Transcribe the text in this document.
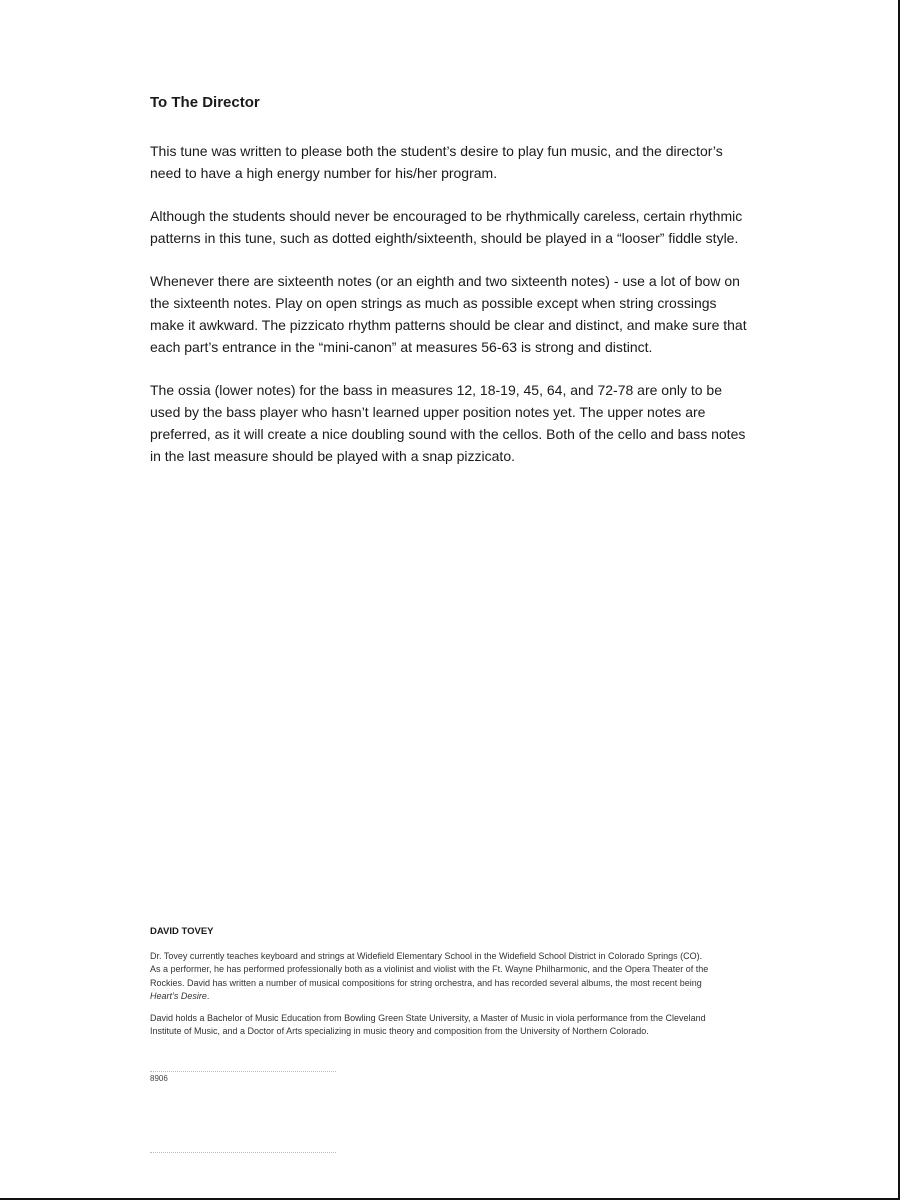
To The Director

This tune was written to please both the student’s desire to play fun music, and the director’s need to have a high energy number for his/her program.

Although the students should never be encouraged to be rhythmically careless, certain rhythmic patterns in this tune, such as dotted eighth/sixteenth, should be played in a “looser” fiddle style.

Whenever there are sixteenth notes (or an eighth and two sixteenth notes) - use a lot of bow on the sixteenth notes. Play on open strings as much as possible except when string crossings make it awkward. The pizzicato rhythm patterns should be clear and distinct, and make sure that each part’s entrance in the “mini-canon” at measures 56-63 is strong and distinct.

The ossia (lower notes) for the bass in measures 12, 18-19, 45, 64, and 72-78 are only to be used by the bass player who hasn’t learned upper position notes yet. The upper notes are preferred, as it will create a nice doubling sound with the cellos. Both of the cello and bass notes in the last measure should be played with a snap pizzicato.

DAVID TOVEY

Dr. Tovey currently teaches keyboard and strings at Widefield Elementary School in the Widefield School District in Colorado Springs (CO). As a performer, he has performed professionally both as a violinist and violist with the Ft. Wayne Philharmonic, and the Opera Theater of the Rockies. David has written a number of musical compositions for string orchestra, and has recorded several albums, the most recent being Heart’s Desire.

David holds a Bachelor of Music Education from Bowling Green State University, a Master of Music in viola performance from the Cleveland Institute of Music, and a Doctor of Arts specializing in music theory and composition from the University of Northern Colorado.

8906
